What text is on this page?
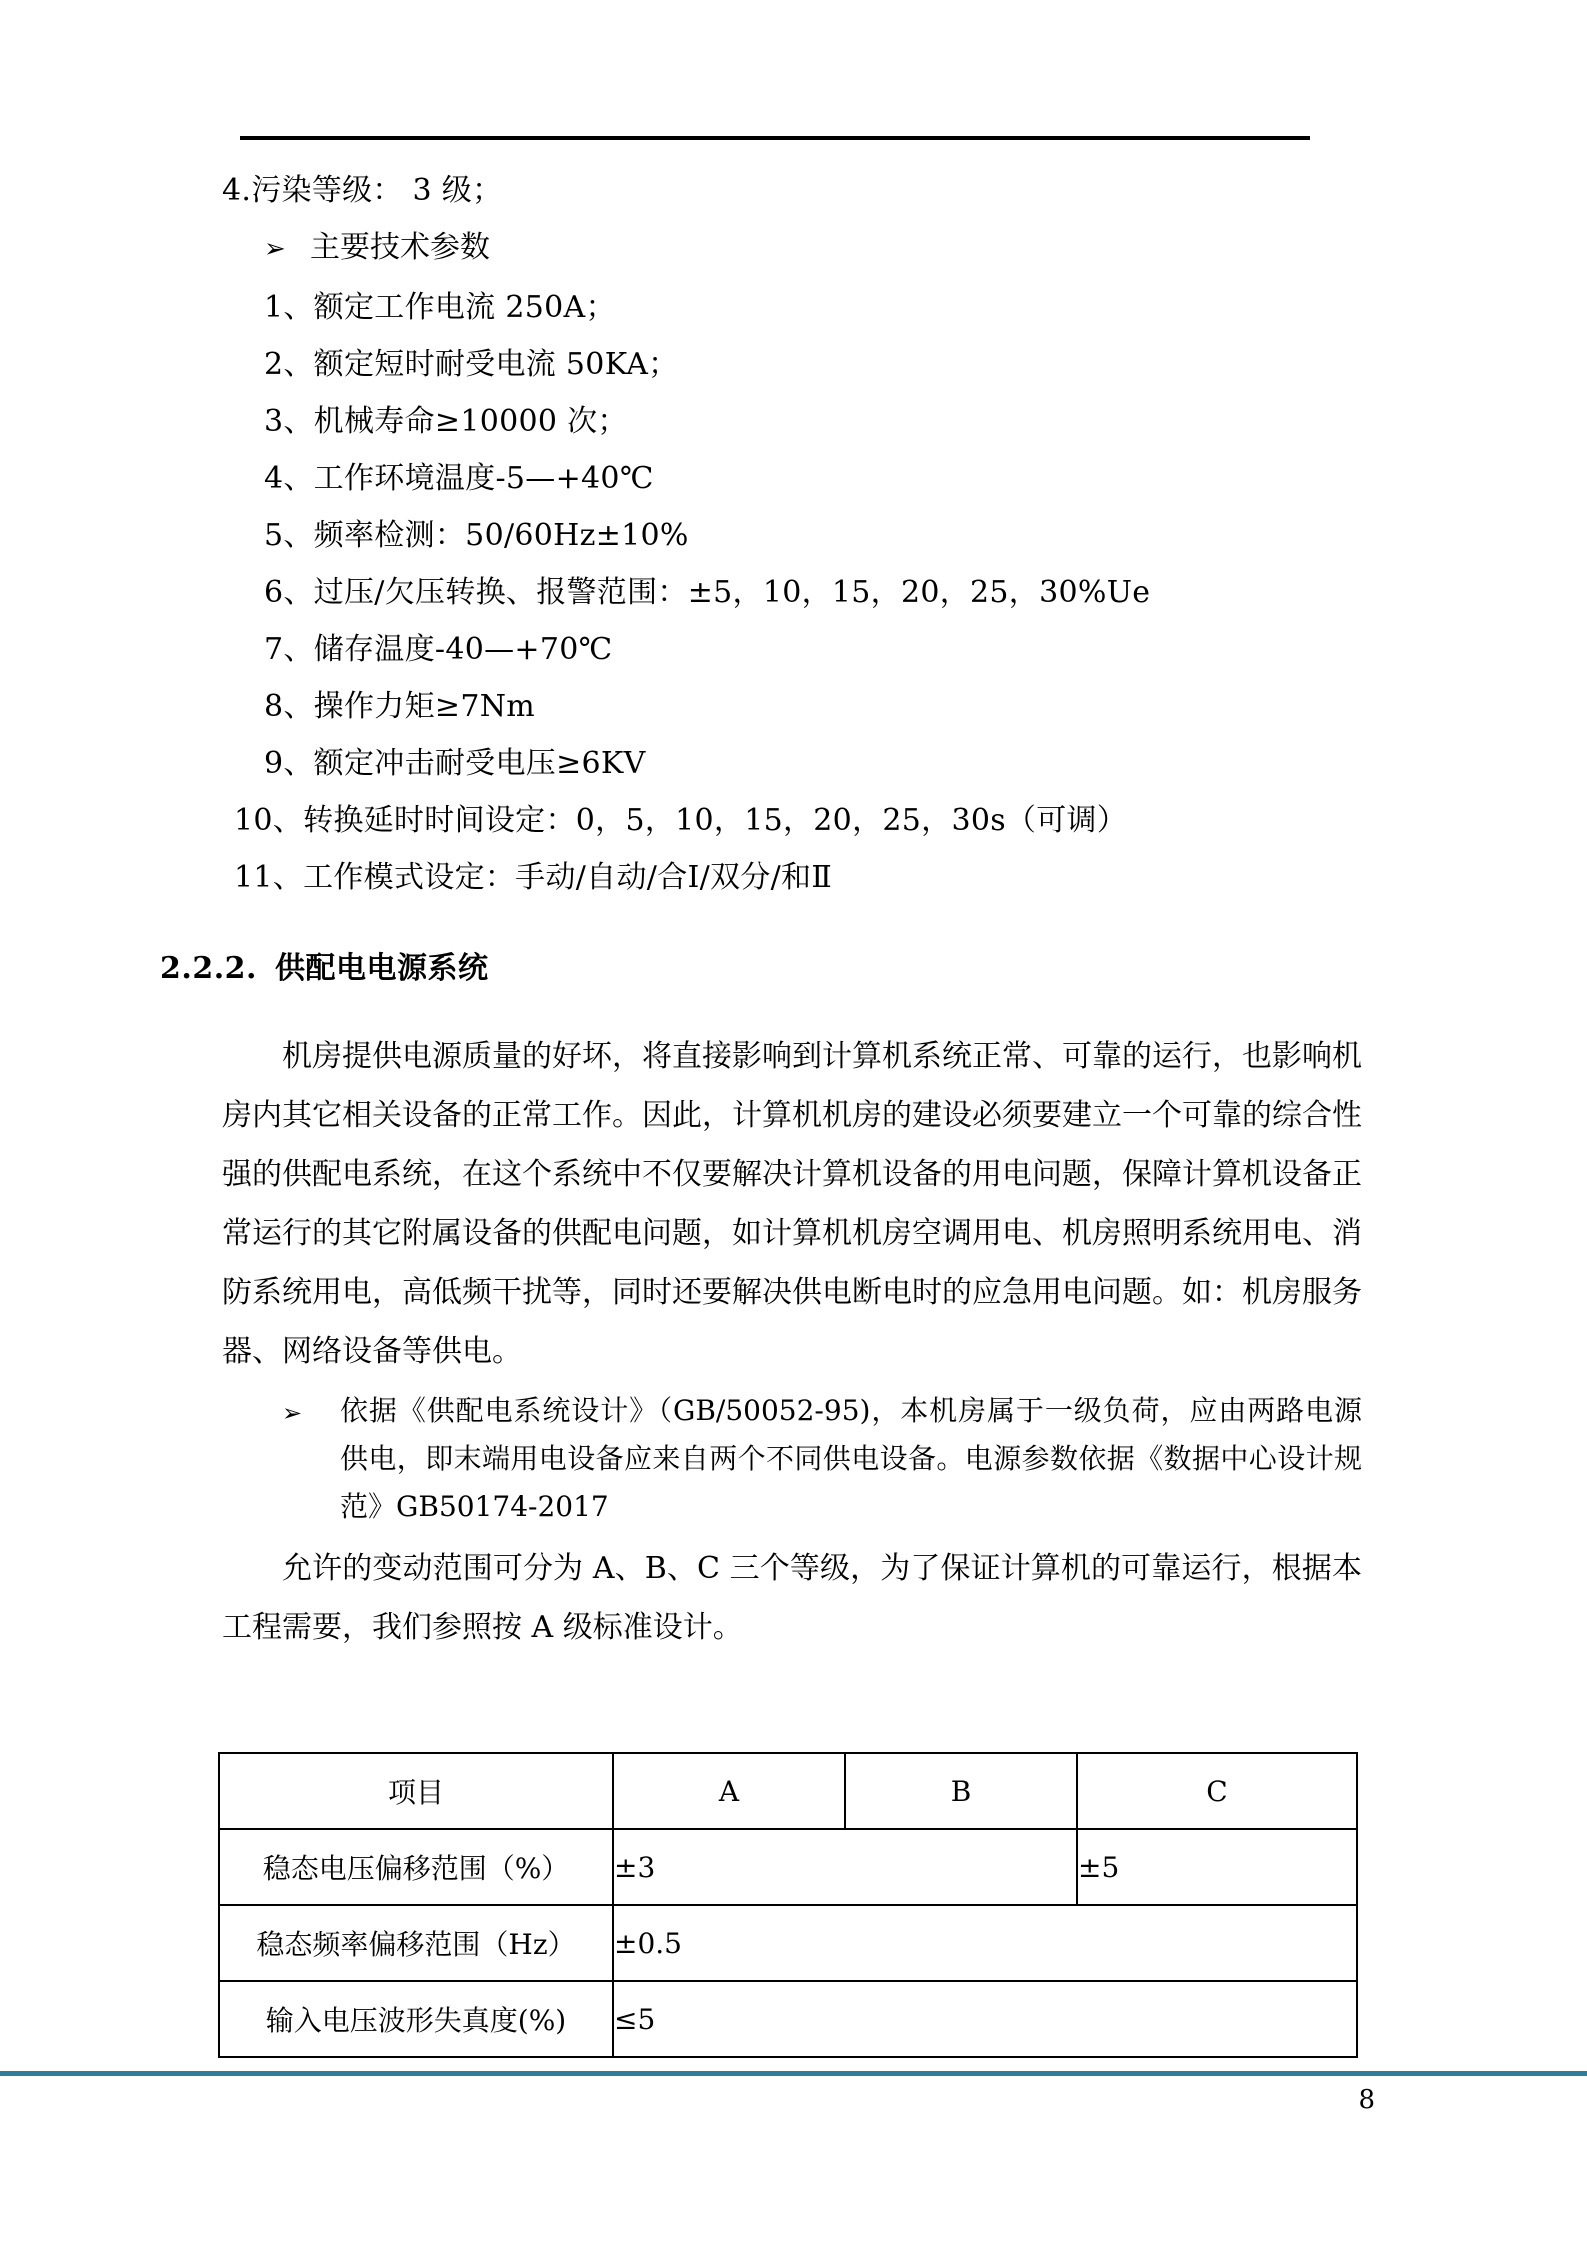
4.污染等级： 3 级；

➢ 主要技术参数

1、额定工作电流 250A；

2、额定短时耐受电流 50KA；

3、机械寿命≥10000 次；

4、工作环境温度-5—+40℃

5、频率检测：50/60Hz±10%

6、过压/欠压转换、报警范围：±5，10，15，20，25，30%Ue

7、储存温度-40—+70℃

8、操作力矩≥7Nm

9、额定冲击耐受电压≥6KV

10、转换延时时间设定：0，5，10，15，20，25，30s（可调）

11、工作模式设定：手动/自动/合Ⅰ/双分/和Ⅱ

2.2.2. 供配电电源系统

机房提供电源质量的好坏，将直接影响到计算机系统正常、可靠的运行，也影响机房内其它相关设备的正常工作。因此，计算机机房的建设必须要建立一个可靠的综合性强的供配电系统，在这个系统中不仅要解决计算机设备的用电问题，保障计算机设备正常运行的其它附属设备的供配电问题，如计算机机房空调用电、机房照明系统用电、消防系统用电，高低频干扰等，同时还要解决供电断电时的应急用电问题。如：机房服务器、网络设备等供电。

➢ 依据《供配电系统设计》（GB/50052-95)，本机房属于一级负荷，应由两路电源供电，即末端用电设备应来自两个不同供电设备。电源参数依据《数据中心设计规范》GB50174-2017

允许的变动范围可分为 A、B、C 三个等级，为了保证计算机的可靠运行，根据本工程需要，我们参照按 A 级标准设计。

项目	A	B	C
稳态电压偏移范围（%）	±3		±5
稳态频率偏移范围（Hz）	±0.5		
输入电压波形失真度(%)	≤5		
8
